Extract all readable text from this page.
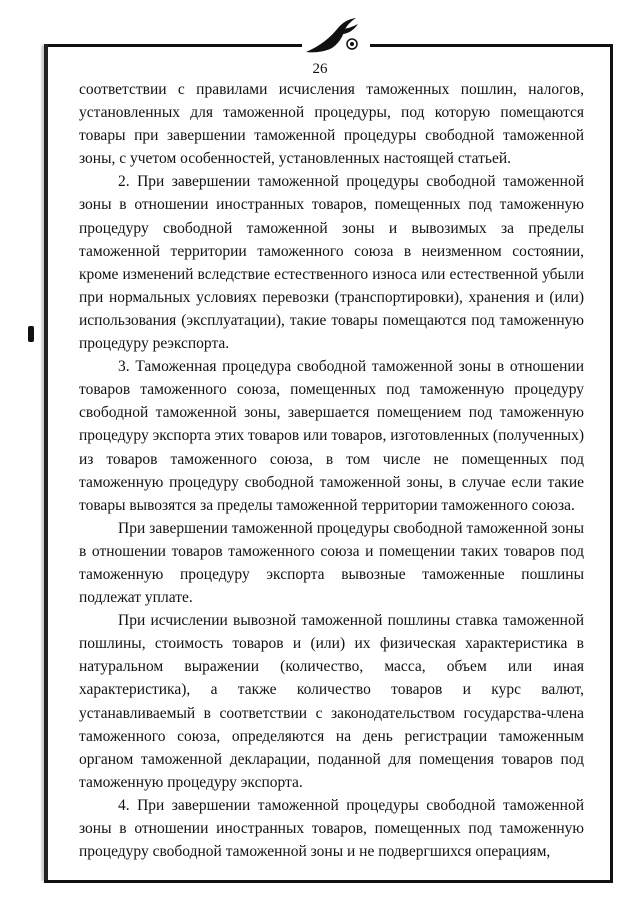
26

соответствии с правилами исчисления таможенных пошлин, налогов, установленных для таможенной процедуры, под которую помещаются товары при завершении таможенной процедуры свободной таможенной зоны, с учетом особенностей, установленных настоящей статьей.

2. При завершении таможенной процедуры свободной таможенной зоны в отношении иностранных товаров, помещенных под таможенную процедуру свободной таможенной зоны и вывозимых за пределы таможенной территории таможенного союза в неизменном состоянии, кроме изменений вследствие естественного износа или естественной убыли при нормальных условиях перевозки (транспортировки), хранения и (или) использования (эксплуатации), такие товары помещаются под таможенную процедуру реэкспорта.

3. Таможенная процедура свободной таможенной зоны в отношении товаров таможенного союза, помещенных под таможенную процедуру свободной таможенной зоны, завершается помещением под таможенную процедуру экспорта этих товаров или товаров, изготовленных (полученных) из товаров таможенного союза, в том числе не помещенных под таможенную процедуру свободной таможенной зоны, в случае если такие товары вывозятся за пределы таможенной территории таможенного союза.

При завершении таможенной процедуры свободной таможенной зоны в отношении товаров таможенного союза и помещении таких товаров под таможенную процедуру экспорта вывозные таможенные пошлины подлежат уплате.

При исчислении вывозной таможенной пошлины ставка таможенной пошлины, стоимость товаров и (или) их физическая характеристика в натуральном выражении (количество, масса, объем или иная характеристика), а также количество товаров и курс валют, устанавливаемый в соответствии с законодательством государства-члена таможенного союза, определяются на день регистрации таможенным органом таможенной декларации, поданной для помещения товаров под таможенную процедуру экспорта.

4. При завершении таможенной процедуры свободной таможенной зоны в отношении иностранных товаров, помещенных под таможенную процедуру свободной таможенной зоны и не подвергшихся операциям,
